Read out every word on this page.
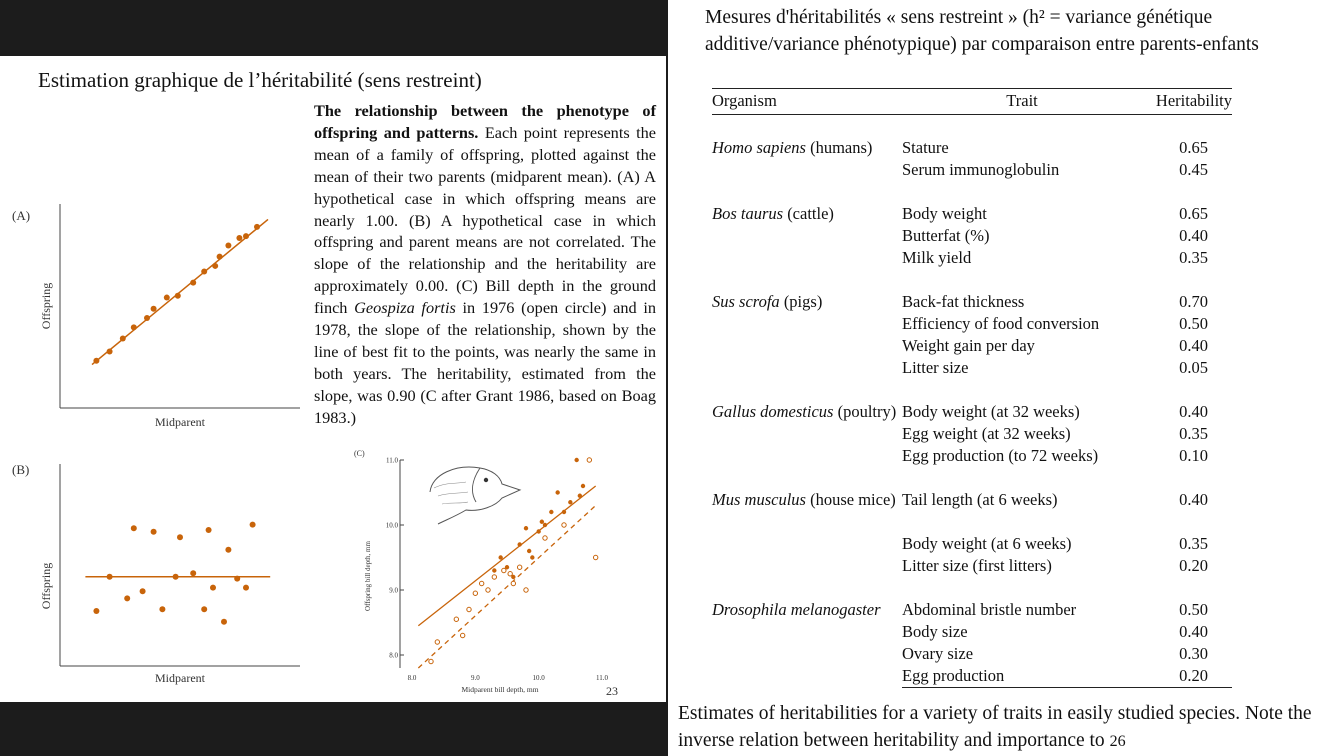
Estimation graphique de l’héritabilité (sens restreint)
The relationship between the phenotype of offspring and patterns. Each point represents the mean of a family of offspring, plotted against the mean of their two parents (midparent mean). (A) A hypothetical case in which offspring means are nearly 1.00. (B) A hypothetical case in which offspring and parent means are not correlated. The slope of the relationship and the heritability are approximately 0.00. (C) Bill depth in the ground finch Geospiza fortis in 1976 (open circle) and in 1978, the slope of the relationship, shown by the line of best fit to the points, was nearly the same in both years. The heritability, estimated from the slope, was 0.90 (C after Grant 1986, based on Boag 1983.)
(A)
Offspring
Midparent
(B)
Offspring
Midparent
(C)
Offspring bill depth, mm
Midparent bill depth, mm
8.0
9.0
10.0
11.0
8.0	9.0	10.0	11.0
23
Mesures d'héritabilités « sens restreint » (h² = variance génétique additive/variance phénotypique) par comparaison entre parents-enfants
Organism	Trait	Heritability

Homo sapiens (humans)	Stature	0.65
	Serum immunoglobulin	0.45

Bos taurus (cattle)	Body weight	0.65
	Butterfat (%)	0.40
	Milk yield	0.35

Sus scrofa (pigs)	Back-fat thickness	0.70
	Efficiency of food conversion	0.50
	Weight gain per day	0.40
	Litter size	0.05

Gallus domesticus (poultry)	Body weight (at 32 weeks)	0.40
	Egg weight (at 32 weeks)	0.35
	Egg production (to 72 weeks)	0.10

Mus musculus (house mice)	Tail length (at 6 weeks)	0.40

	Body weight (at 6 weeks)	0.35
	Litter size (first litters)	0.20

Drosophila melanogaster	Abdominal bristle number	0.50
	Body size	0.40
	Ovary size	0.30
	Egg production	0.20
Estimates of heritabilities for a variety of traits in easily studied species. Note the inverse relation between heritability and importance to 26
